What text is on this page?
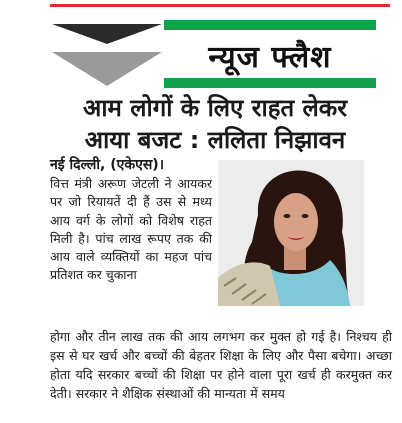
न्यूज फ्लैश
आम लोगों के लिए राहत लेकर
आया बजट : ललिता निझावन
नई दिल्ली, (एकेएस)।
वित्त मंत्री अरूण जेटली ने आयकर पर जो रियायतें दी हैं उस से मध्य आय वर्ग के लोगों को विशेष राहत मिली है। पांच लाख रूपए तक की आय वाले व्यक्तियों का महज पांच प्रतिशत कर चुकाना

होगा और तीन लाख तक की आय लगभग कर मुक्त हो गई है। निश्चय ही इस से घर खर्च और बच्चों की बेहतर शिक्षा के लिए और पैसा बचेगा। अच्छा होता यदि सरकार बच्चों की शिक्षा पर होने वाला पूरा खर्च ही करमुक्त कर देती। सरकार ने शैक्षिक संस्थाओं की मान्यता में समय
